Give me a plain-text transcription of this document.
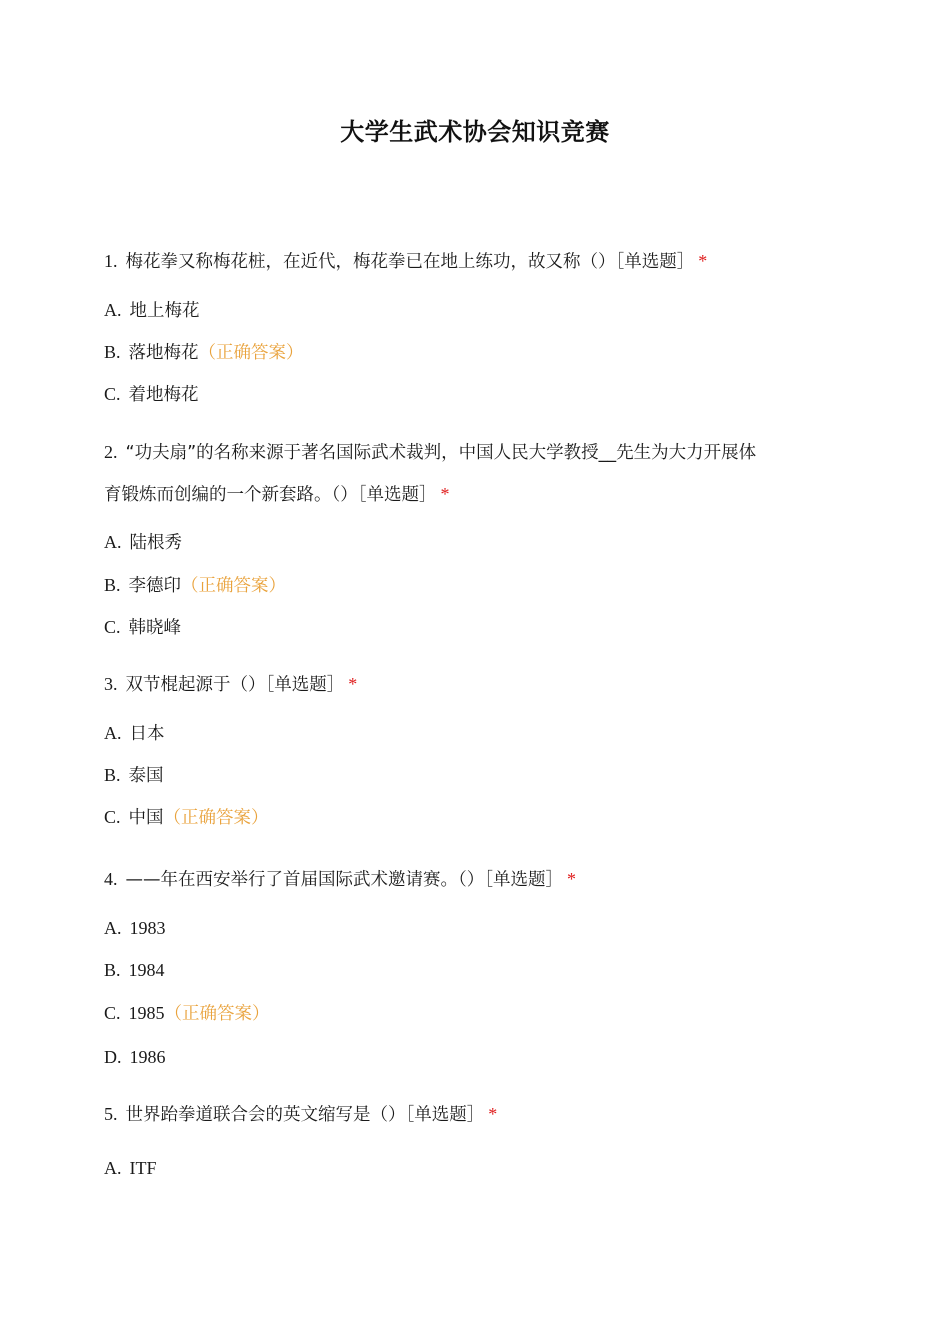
大学生武术协会知识竞赛
1. 梅花拳又称梅花桩，在近代，梅花拳已在地上练功，故又称（）［单选题］ *
A. 地上梅花
B. 落地梅花（正确答案）
C. 着地梅花
2. “功夫扇”的名称来源于著名国际武术裁判，中国人民大学教授__先生为大力开展体
育锻炼而创编的一个新套路。（）［单选题］ *
A. 陆根秀
B. 李德印（正确答案）
C. 韩晓峰
3. 双节棍起源于（）［单选题］ *
A. 日本
B. 泰国
C. 中国（正确答案）
4. ——年在西安举行了首届国际武术邀请赛。（）［单选题］ *
A. 1983
B. 1984
C. 1985（正确答案）
D. 1986
5. 世界跆拳道联合会的英文缩写是（）［单选题］ *
A. ITF
